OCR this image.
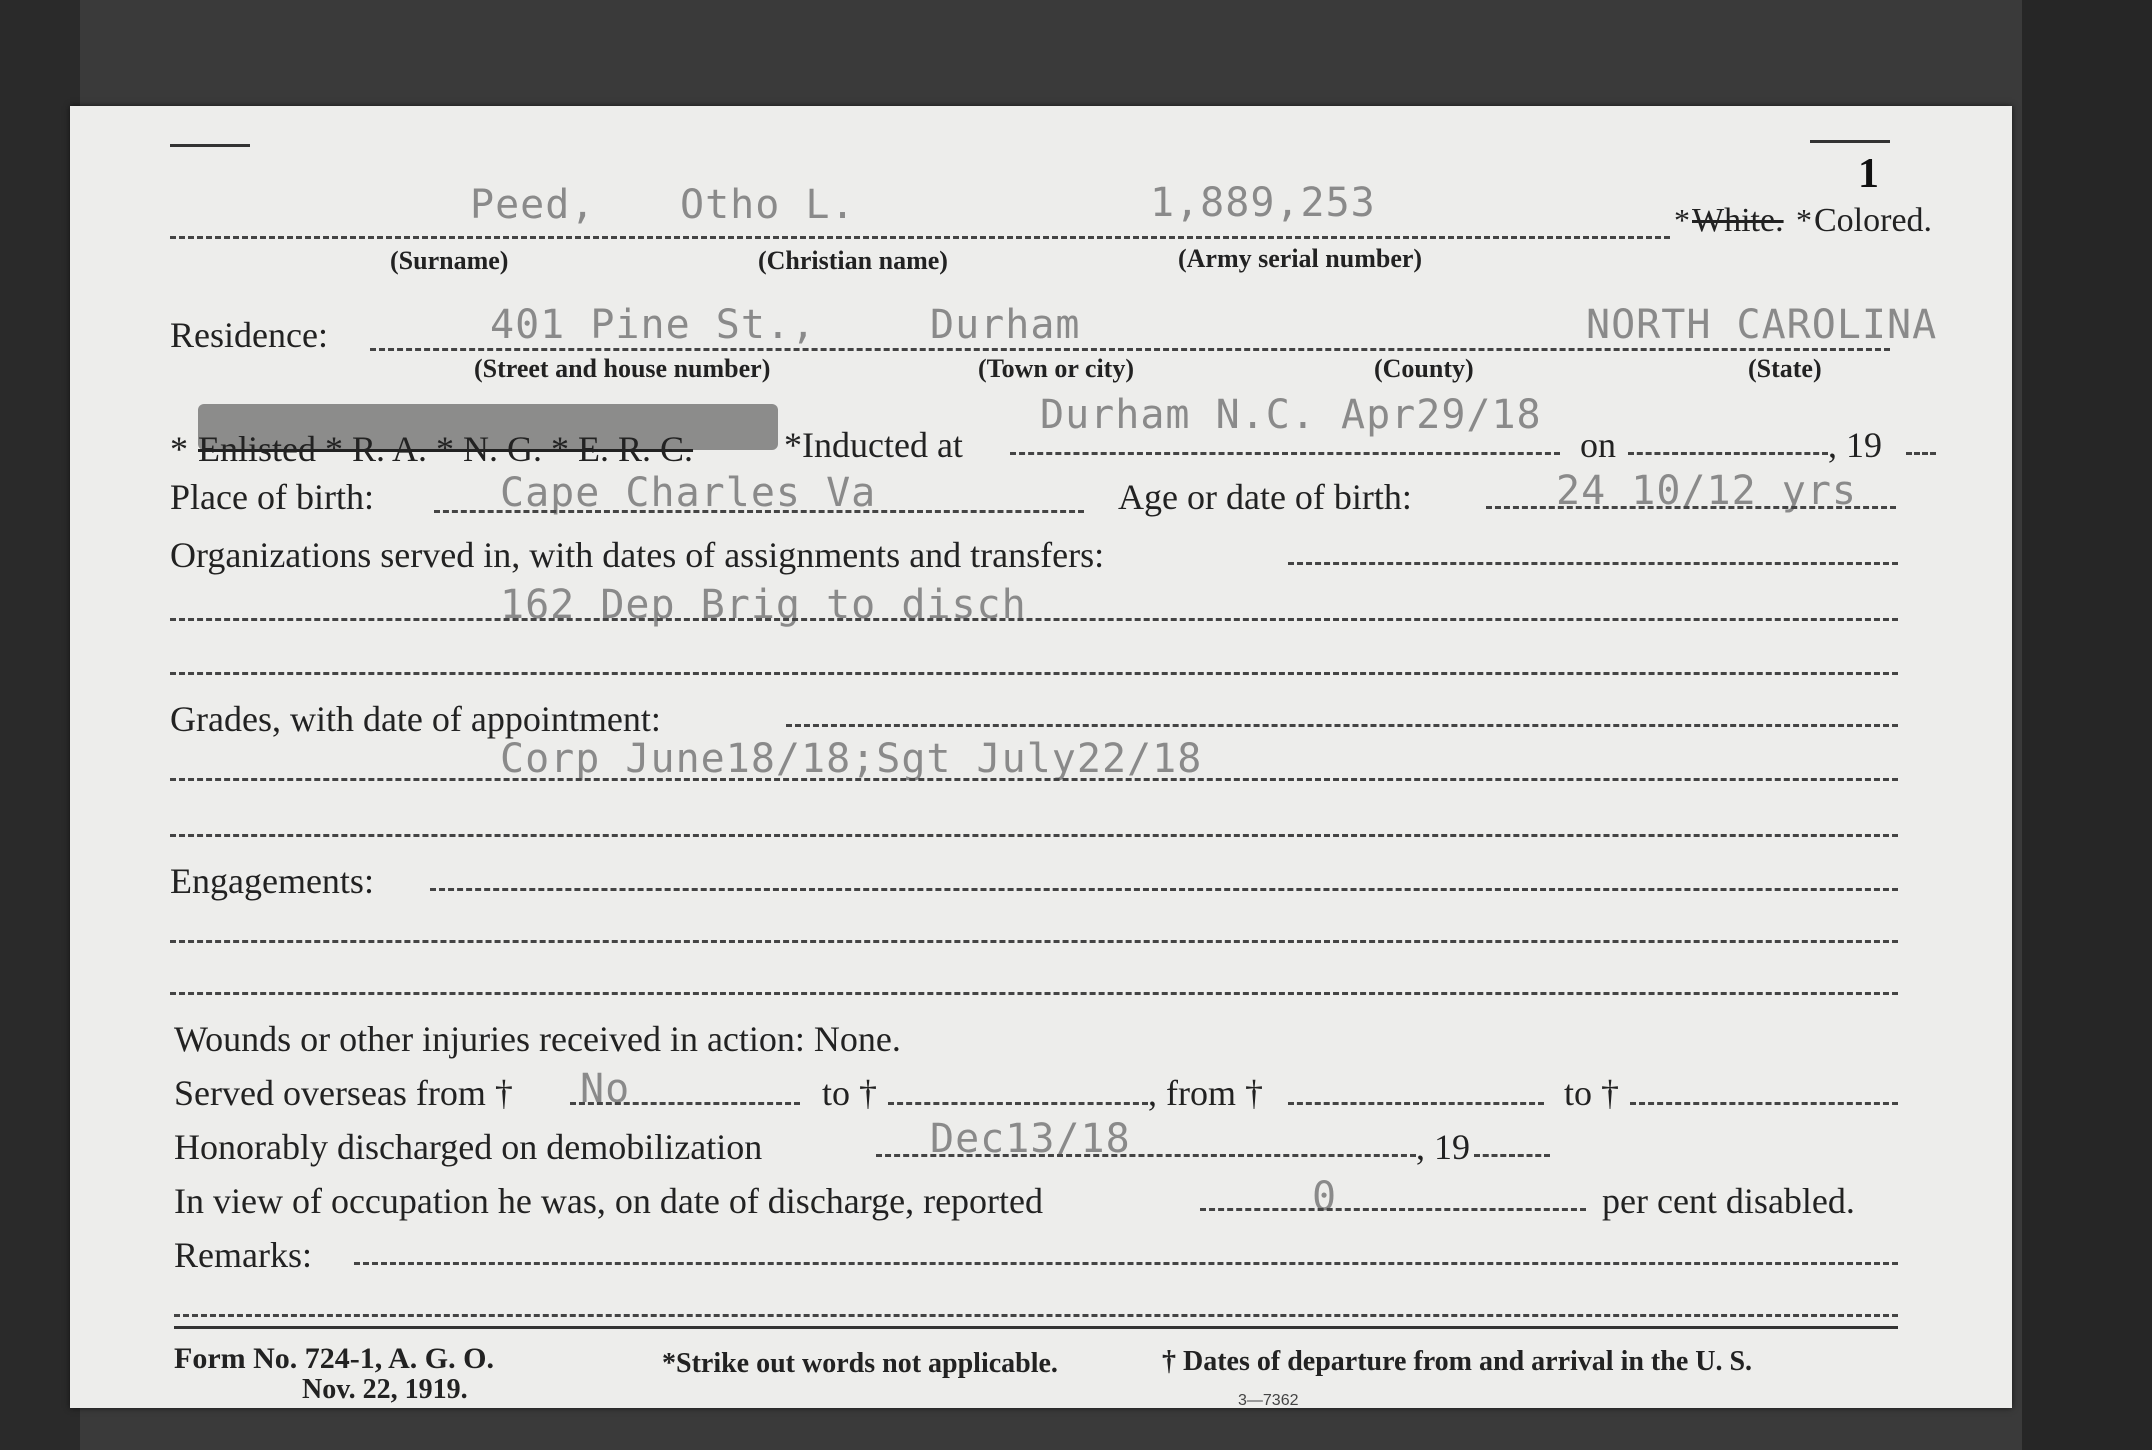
1
Peed, Otho L.	1,889,253	* White. * Colored.
(Surname)	(Christian name)	(Army serial number)
Residence:	401 Pine St.,	Durham	NORTH CAROLINA
(Street and house number)	(Town or city)	(County)	(State)
* Enlisted * R. A. * N. G. * E. R. C.	*Inducted at
Durham N.C. Apr29/18
on	, 19
Place of birth:	Cape Charles Va	Age or date of birth:	24 10/12 yrs
Organizations served in, with dates of assignments and transfers:
162 Dep Brig to disch
Grades, with date of appointment:
Corp June18/18;Sgt July22/18
Engagements:
Wounds or other injuries received in action: None.
Served overseas from † No	to †	, from †	to †
Honorably discharged on demobilization	Dec13/18	, 19
In view of occupation he was, on date of discharge, reported	0	per cent disabled.
Remarks:
Form No. 724-1, A. G. O.
Nov. 22, 1919.
*Strike out words not applicable.	† Dates of departure from and arrival in the U. S.
3—7362
